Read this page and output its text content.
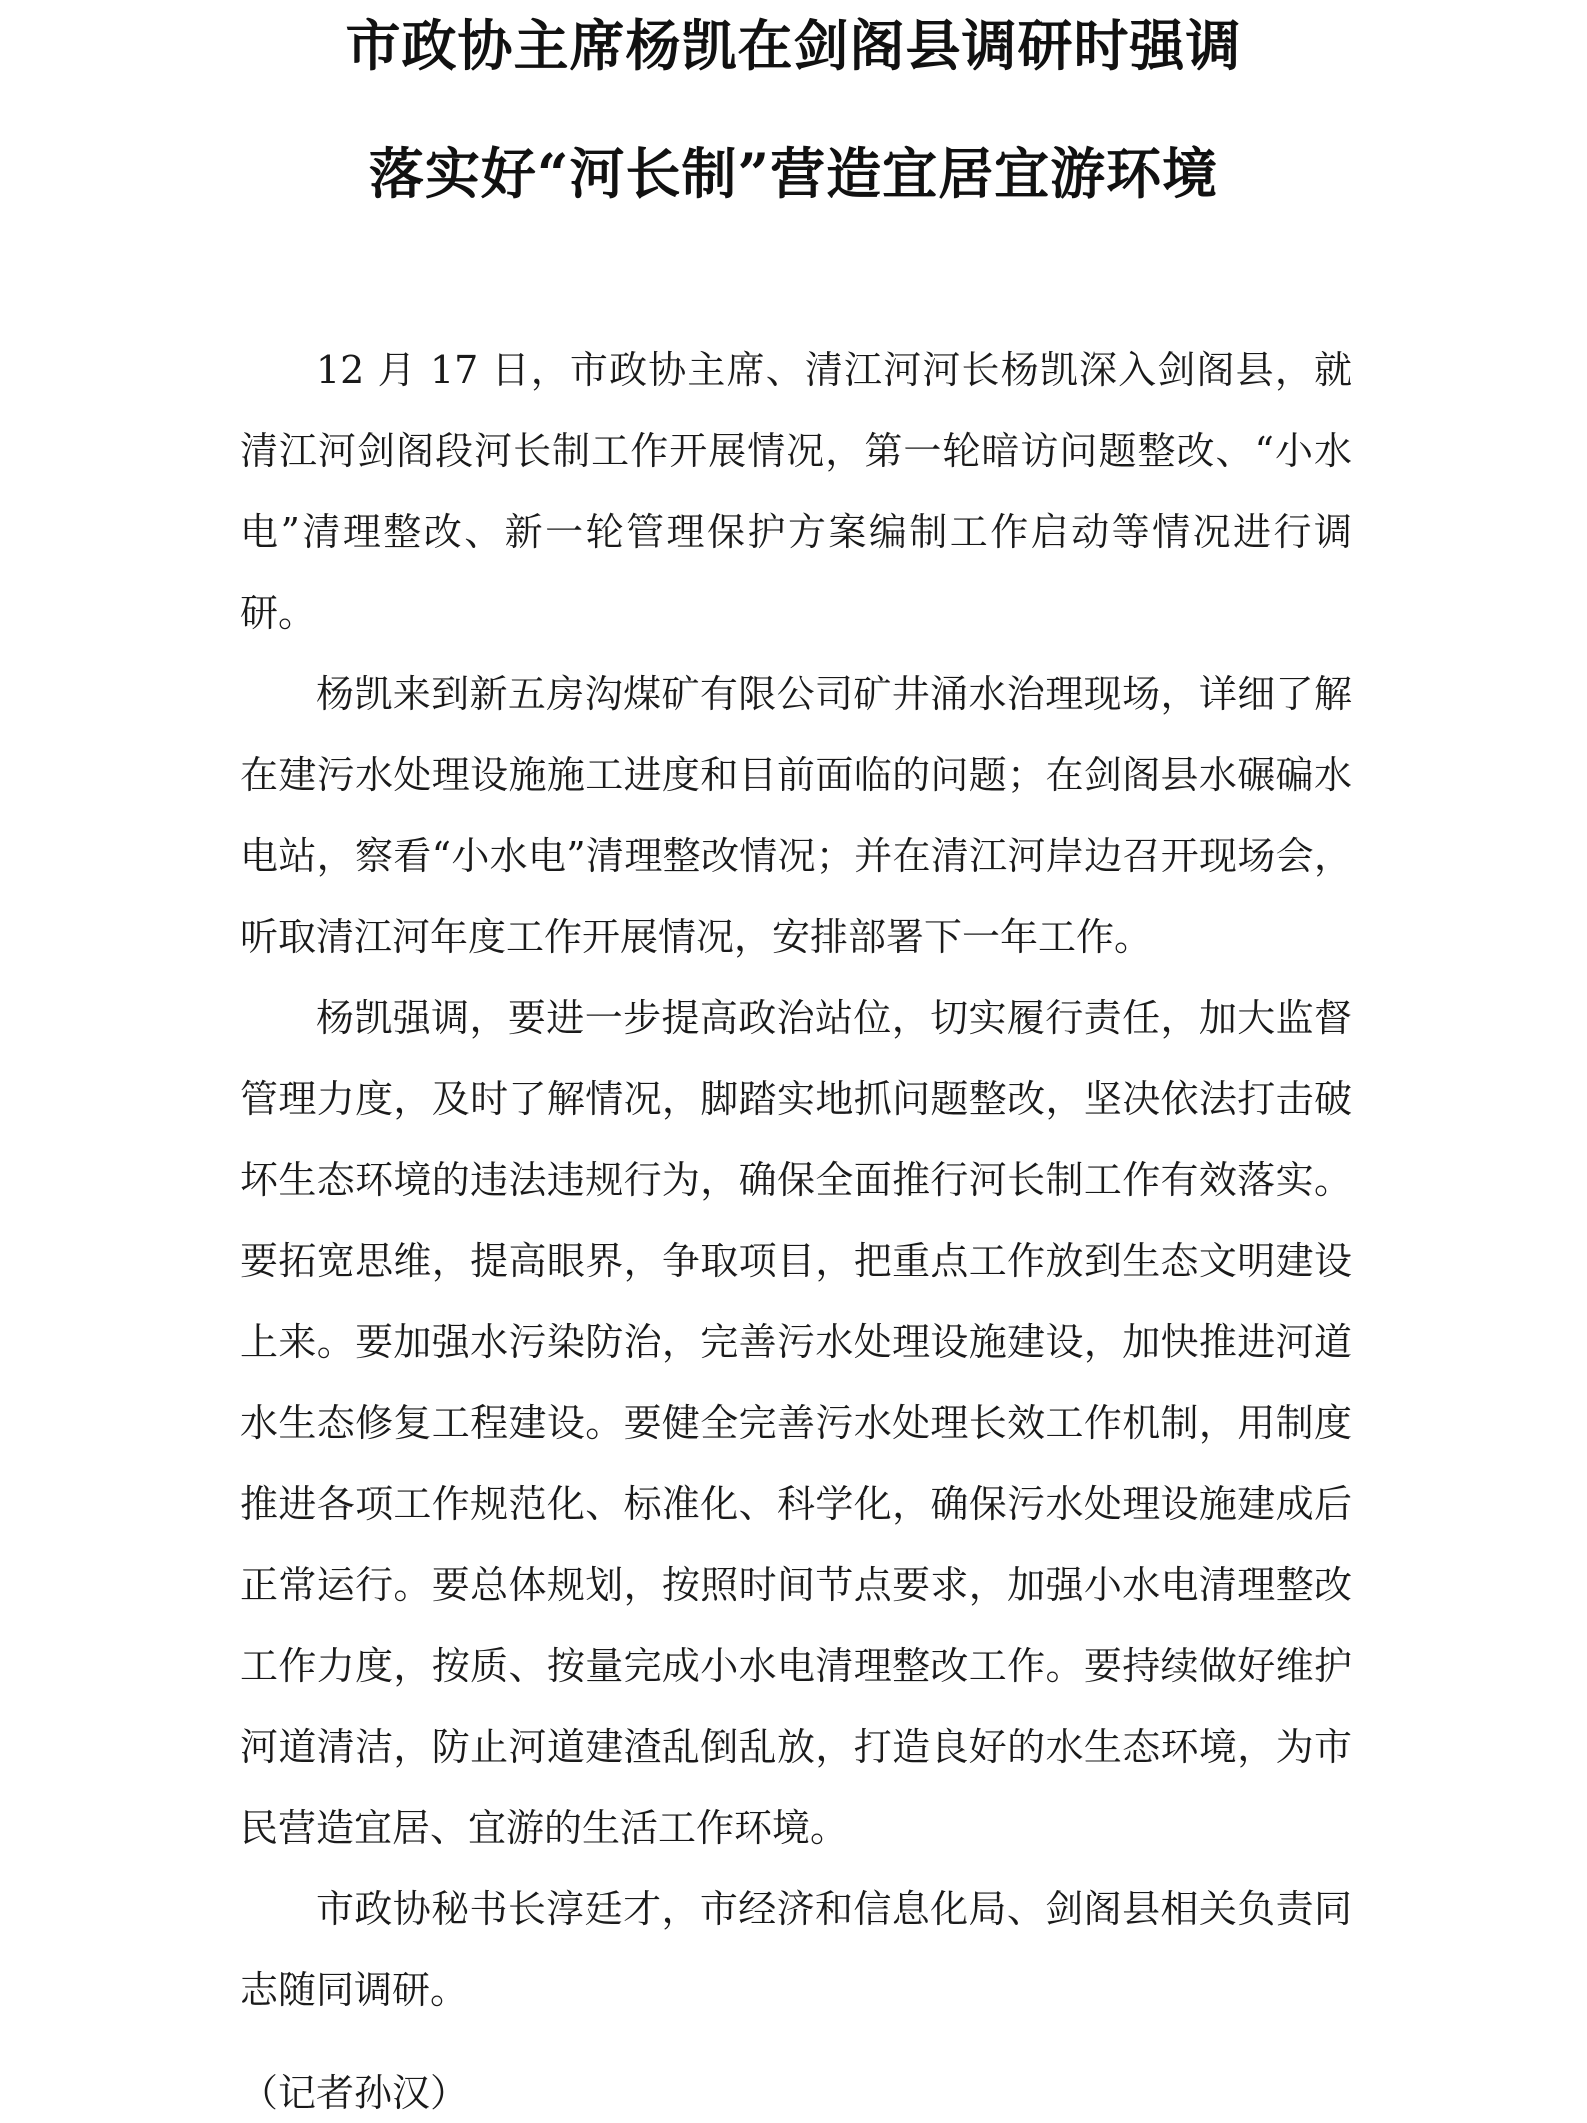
市政协主席杨凯在剑阁县调研时强调
落实好“河长制”营造宜居宜游环境

12 月 17 日，市政协主席、清江河河长杨凯深入剑阁县，就清江河剑阁段河长制工作开展情况，第一轮暗访问题整改、“小水电”清理整改、新一轮管理保护方案编制工作启动等情况进行调研。

杨凯来到新五房沟煤矿有限公司矿井涌水治理现场，详细了解在建污水处理设施施工进度和目前面临的问题；在剑阁县水碾碥水电站，察看“小水电”清理整改情况；并在清江河岸边召开现场会，听取清江河年度工作开展情况，安排部署下一年工作。

杨凯强调，要进一步提高政治站位，切实履行责任，加大监督管理力度，及时了解情况，脚踏实地抓问题整改，坚决依法打击破坏生态环境的违法违规行为，确保全面推行河长制工作有效落实。要拓宽思维，提高眼界，争取项目，把重点工作放到生态文明建设上来。要加强水污染防治，完善污水处理设施建设，加快推进河道水生态修复工程建设。要健全完善污水处理长效工作机制，用制度推进各项工作规范化、标准化、科学化，确保污水处理设施建成后正常运行。要总体规划，按照时间节点要求，加强小水电清理整改工作力度，按质、按量完成小水电清理整改工作。要持续做好维护河道清洁，防止河道建渣乱倒乱放，打造良好的水生态环境，为市民营造宜居、宜游的生活工作环境。

市政协秘书长淳廷才，市经济和信息化局、剑阁县相关负责同志随同调研。

（记者孙汉）
